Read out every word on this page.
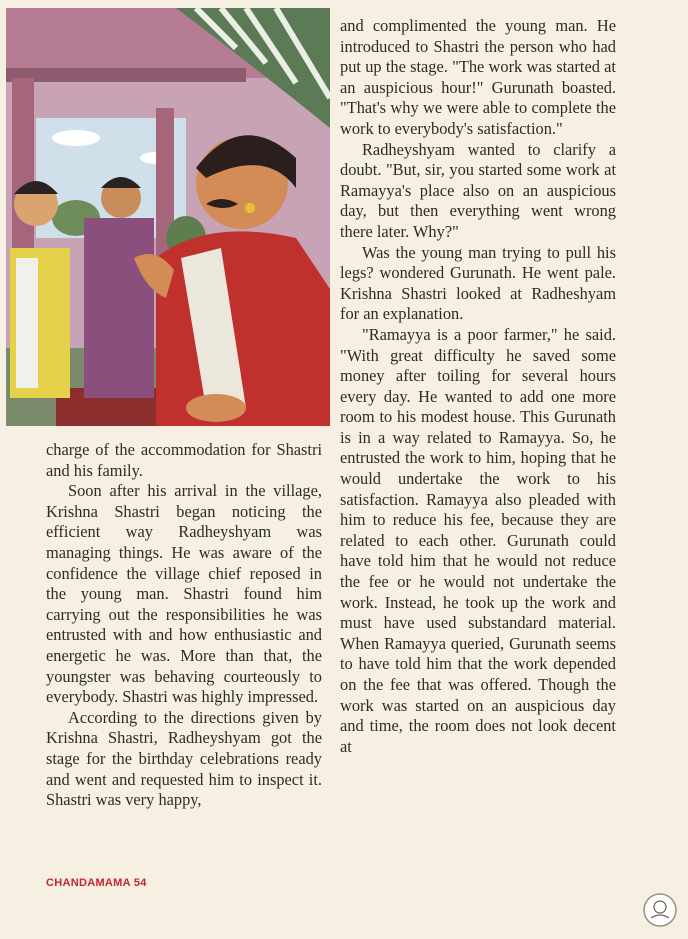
charge of the accommodation for Shastri and his family.

Soon after his arrival in the village, Krishna Shastri began noticing the efficient way Radheyshyam was managing things. He was aware of the confidence the village chief reposed in the young man. Shastri found him carrying out the responsibilities he was entrusted with and how enthusiastic and energetic he was. More than that, the youngster was behaving courteously to everybody. Shastri was highly impressed.

According to the directions given by Krishna Shastri, Radheyshyam got the stage for the birthday celebrations ready and went and requested him to inspect it. Shastri was very happy,

and complimented the young man. He introduced to Shastri the person who had put up the stage. "The work was started at an auspicious hour!" Gurunath boasted. "That's why we were able to complete the work to everybody's satisfaction."

Radheyshyam wanted to clarify a doubt. "But, sir, you started some work at Ramayya's place also on an auspicious day, but then everything went wrong there later. Why?"

Was the young man trying to pull his legs? wondered Gurunath. He went pale. Krishna Shastri looked at Radheshyam for an explanation.

"Ramayya is a poor farmer," he said. "With great difficulty he saved some money after toiling for several hours every day. He wanted to add one more room to his modest house. This Gurunath is in a way related to Ramayya. So, he entrusted the work to him, hoping that he would undertake the work to his satisfaction. Ramayya also pleaded with him to reduce his fee, because they are related to each other. Gurunath could have told him that he would not reduce the fee or he would not undertake the work. Instead, he took up the work and must have used substandard material. When Ramayya queried, Gurunath seems to have told him that the work depended on the fee that was offered. Though the work was started on an auspicious day and time, the room does not look decent at

CHANDAMAMA 54
